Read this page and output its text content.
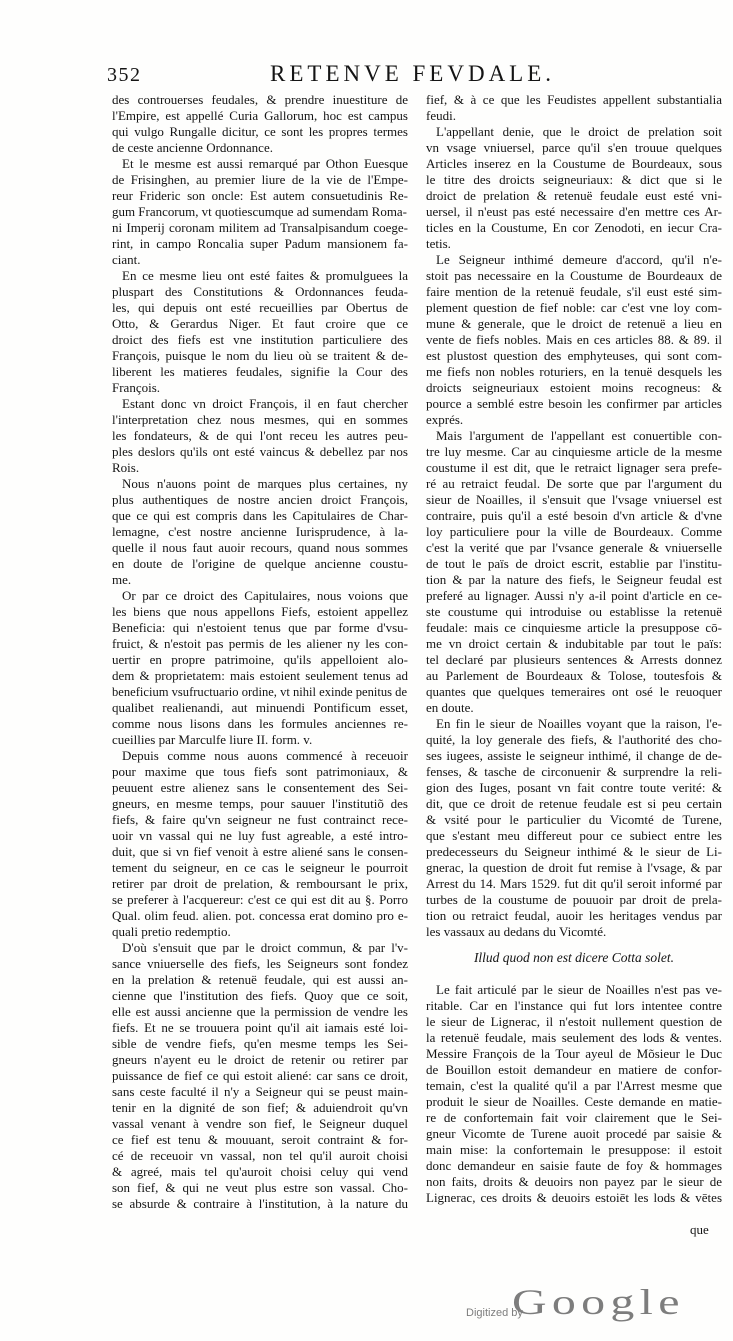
352	RETENVE FEVDALE.
des controuerses feudales, & prendre inuestiture de
l'Empire, est appellé Curia Gallorum, hoc est campus
qui vulgo Rungalle dicitur, ce sont les propres termes
de ceste ancienne Ordonnance.
Et le mesme est aussi remarqué par Othon Euesque
de Frisinghen, au premier liure de la vie de l'Empe-
reur Frideric son oncle: Est autem consuetudinis Re-
gum Francorum, vt quotiescumque ad sumendam Roma-
ni Imperij coronam militem ad Transalpisandum coege-
rint, in campo Roncalia super Padum mansionem fa-
ciant.
En ce mesme lieu ont esté faites & promulguees la
pluspart des Constitutions & Ordonnances feuda-
les, qui depuis ont esté recueillies par Obertus de
Otto, & Gerardus Niger. Et faut croire que ce
droict des fiefs est vne institution particuliere des
François, puisque le nom du lieu où se traitent & de-
liberent les matieres feudales, signifie la Cour des
François.
Estant donc vn droict François, il en faut chercher
l'interpretation chez nous mesmes, qui en sommes
les fondateurs, & de qui l'ont receu les autres peu-
ples deslors qu'ils ont esté vaincus & debellez par nos
Rois.
Nous n'auons point de marques plus certaines, ny
plus authentiques de nostre ancien droict François,
que ce qui est compris dans les Capitulaires de Char-
lemagne, c'est nostre ancienne Iurisprudence, à la-
quelle il nous faut auoir recours, quand nous sommes
en doute de l'origine de quelque ancienne coustu-
me.
Or par ce droict des Capitulaires, nous voions que
les biens que nous appellons Fiefs, estoient appellez
Beneficia: qui n'estoient tenus que par forme d'vsu-
fruict, & n'estoit pas permis de les aliener ny les con-
uertir en propre patrimoine, qu'ils appelloient alo-
dem & proprietatem: mais estoient seulement tenus ad
beneficium vsufructuario ordine, vt nihil exinde penitus de
qualibet realienandi, aut minuendi Pontificum esset,
comme nous lisons dans les formules anciennes re-
cueillies par Marculfe liure II. form. v.
Depuis comme nous auons commencé à receuoir
pour maxime que tous fiefs sont patrimoniaux, &
peuuent estre alienez sans le consentement des Sei-
gneurs, en mesme temps, pour sauuer l'institutiõ des
fiefs, & faire qu'vn seigneur ne fust contrainct rece-
uoir vn vassal qui ne luy fust agreable, a esté intro-
duit, que si vn fief venoit à estre aliené sans le consen-
tement du seigneur, en ce cas le seigneur le pourroit
retirer par droit de prelation, & remboursant le prix,
se preferer à l'acquereur: c'est ce qui est dit au §. Porro
Qual. olim feud. alien. pot. concessa erat domino pro e-
quali pretio redemptio.
D'où s'ensuit que par le droict commun, & par l'v-
sance vniuerselle des fiefs, les Seigneurs sont fondez
en la prelation & retenuë feudale, qui est aussi an-
cienne que l'institution des fiefs. Quoy que ce soit,
elle est aussi ancienne que la permission de vendre les
fiefs. Et ne se trouuera point qu'il ait iamais esté loi-
sible de vendre fiefs, qu'en mesme temps les Sei-
gneurs n'ayent eu le droict de retenir ou retirer par
puissance de fief ce qui estoit aliené: car sans ce droit,
sans ceste faculté il n'y a Seigneur qui se peust main-
tenir en la dignité de son fief; & aduiendroit qu'vn
vassal venant à vendre son fief, le Seigneur duquel
ce fief est tenu & mouuant, seroit contraint & for-
cé de receuoir vn vassal, non tel qu'il auroit choisi
& agreé, mais tel qu'auroit choisi celuy qui vend
son fief, & qui ne veut plus estre son vassal. Cho-
se absurde & contraire à l'institution, à la nature du
fief, & à ce que les Feudistes appellent substantialia
feudi.
L'appellant denie, que le droict de prelation soit
vn vsage vniuersel, parce qu'il s'en trouue quelques
Articles inserez en la Coustume de Bourdeaux, sous
le titre des droicts seigneuriaux: & dict que si le
droict de prelation & retenuë feudale eust esté vni-
uersel, il n'eust pas esté necessaire d'en mettre ces Ar-
ticles en la Coustume, En cor Zenodoti, en iecur Cra-
tetis.
Le Seigneur inthimé demeure d'accord, qu'il n'e-
stoit pas necessaire en la Coustume de Bourdeaux de
faire mention de la retenuë feudale, s'il eust esté sim-
plement question de fief noble: car c'est vne loy com-
mune & generale, que le droict de retenuë a lieu en
vente de fiefs nobles. Mais en ces articles 88. & 89. il
est plustost question des emphyteuses, qui sont com-
me fiefs non nobles roturiers, en la tenuë desquels les
droicts seigneuriaux estoient moins recogneus: &
pource a semblé estre besoin les confirmer par articles
exprés.
Mais l'argument de l'appellant est conuertible con-
tre luy mesme. Car au cinquiesme article de la mesme
coustume il est dit, que le retraict lignager sera prefe-
ré au retraict feudal. De sorte que par l'argument du
sieur de Noailles, il s'ensuit que l'vsage vniuersel est
contraire, puis qu'il a esté besoin d'vn article & d'vne
loy particuliere pour la ville de Bourdeaux. Comme
c'est la verité que par l'vsance generale & vniuerselle
de tout le païs de droict escrit, establie par l'institu-
tion & par la nature des fiefs, le Seigneur feudal est
preferé au lignager. Aussi n'y a-il point d'article en ce-
ste coustume qui introduise ou establisse la retenuë
feudale: mais ce cinquiesme article la presuppose cō-
me vn droict certain & indubitable par tout le païs:
tel declaré par plusieurs sentences & Arrests donnez
au Parlement de Bourdeaux & Tolose, toutesfois &
quantes que quelques temeraires ont osé le reuoquer
en doute.
En fin le sieur de Noailles voyant que la raison, l'e-
quité, la loy generale des fiefs, & l'authorité des cho-
ses iugees, assiste le seigneur inthimé, il change de de-
fenses, & tasche de circonuenir & surprendre la reli-
gion des Iuges, posant vn fait contre toute verité: &
dit, que ce droit de retenue feudale est si peu certain
& vsité pour le particulier du Vicomté de Turene,
que s'estant meu differeut pour ce subiect entre les
predecesseurs du Seigneur inthimé & le sieur de Li-
gnerac, la question de droit fut remise à l'vsage, & par
Arrest du 14. Mars 1529. fut dit qu'il seroit informé par
turbes de la coustume de pouuoir par droit de prela-
tion ou retraict feudal, auoir les heritages vendus par
les vassaux au dedans du Vicomté.
Illud quod non est dicere Cotta solet.
Le fait articulé par le sieur de Noailles n'est pas ve-
ritable. Car en l'instance qui fut lors intentee contre
le sieur de Lignerac, il n'estoit nullement question de
la retenuë feudale, mais seulement des lods & ventes.
Messire François de la Tour ayeul de Mõsieur le Duc
de Bouillon estoit demandeur en matiere de confor-
temain, c'est la qualité qu'il a par l'Arrest mesme que
produit le sieur de Noailles. Ceste demande en matie-
re de confortemain fait voir clairement que le Sei-
gneur Vicomte de Turene auoit procedé par saisie &
main mise: la confortemain le presuppose: il estoit
donc demandeur en saisie faute de foy & hommages
non faits, droits & deuoirs non payez par le sieur de
Lignerac, ces droits & deuoirs estoiēt les lods & vētes
que
Digitized by
Google
